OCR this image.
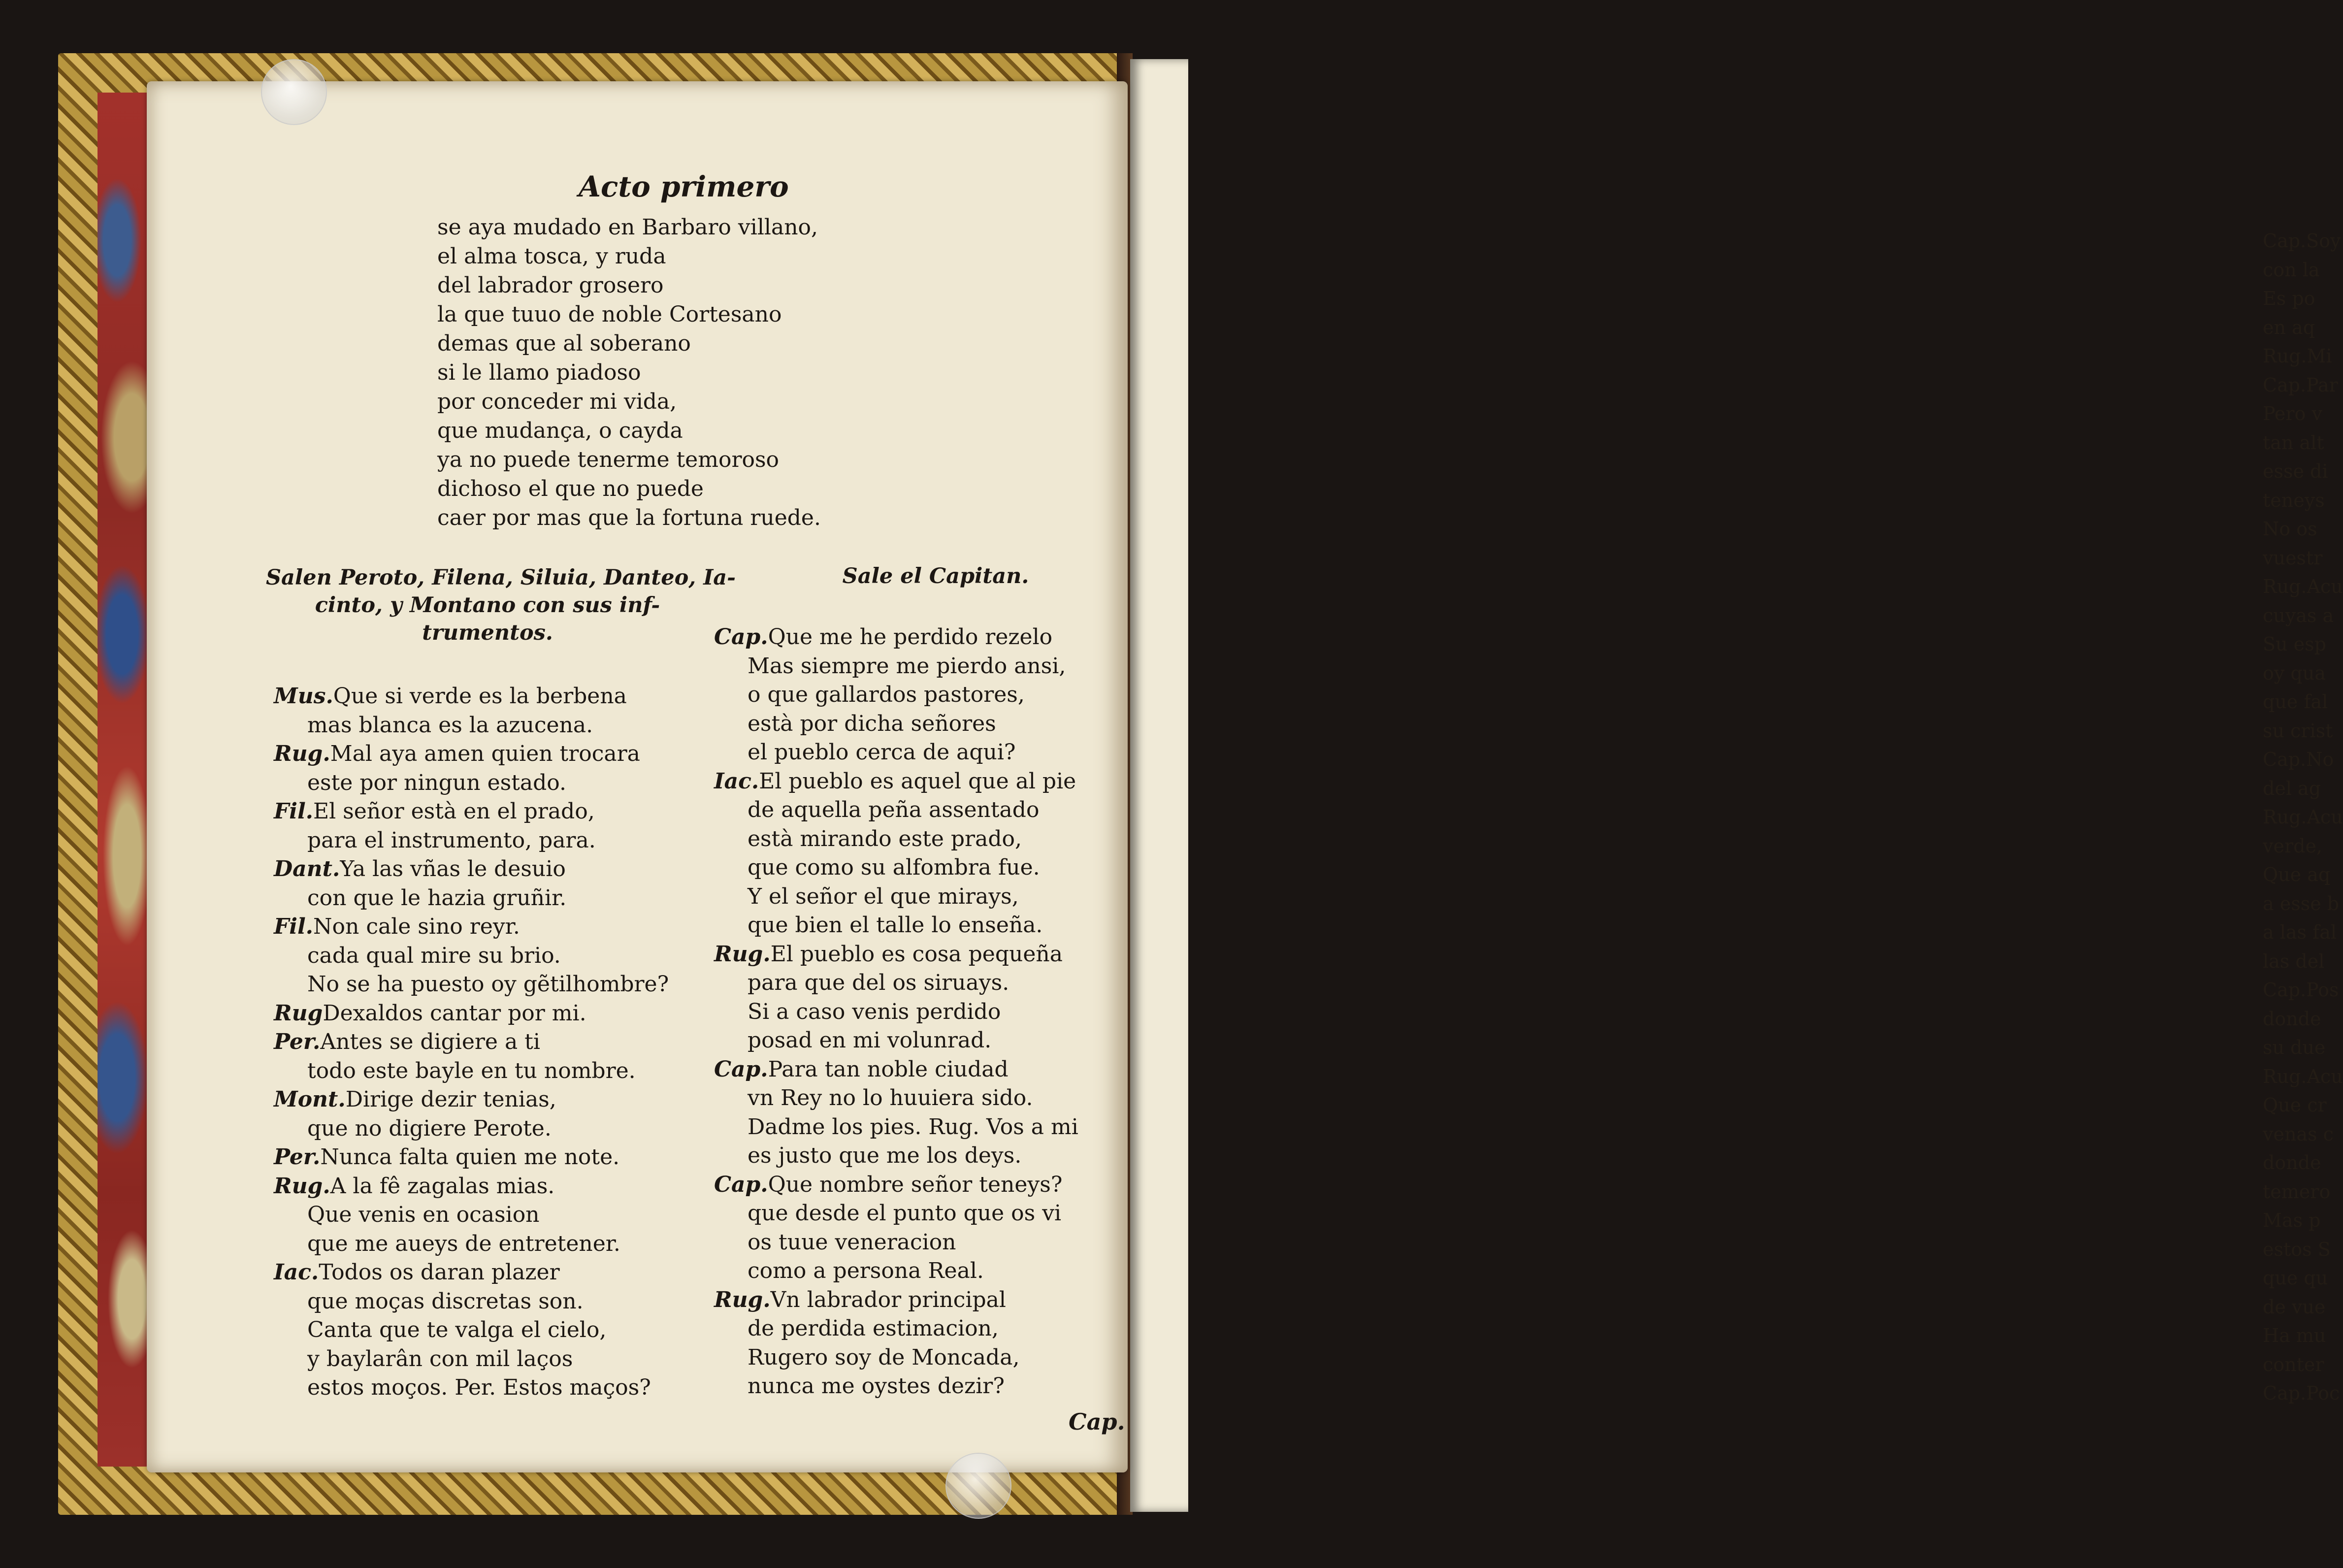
Cap.Soy
con la
Es po
en aq
Rug.Mi
Cap.Par
Pero v
tan alt
esse di
teneys
No os
vuestr
Rug.Acu
cuyas a
Su esp
oy qua
que fal
su crist
Cap.No
del ag
Rug.Acu
verde,
Que aq
a esse b
a las fal
las del
Cap.Pos
donde
su due
Rug.Acu
Que cr
venas c
donde
temero
Mas p
estos S
que qu
de vue
Ha mu
conter
Cap.Poc
Acto primero
se aya mudado en Barbaro villano,
el alma tosca, y ruda
del labrador grosero
la que tuuo de noble Cortesano
demas que al soberano
si le llamo piadoso
por conceder mi vida,
que mudança, o cayda
ya no puede tenerme temoroso
dichoso el que no puede
caer por mas que la fortuna ruede.
Salen Peroto, Filena, Siluia, Danteo, Ia-
cinto, y Montano con sus inf-
trumentos.
Sale el Capitan.
Mus.Que si verde es la berbena
mas blanca es la azucena.
Rug.Mal aya amen quien trocara
este por ningun estado.
Fil.El señor està en el prado,
para el instrumento, para.
Dant.Ya las vñas le desuio
con que le hazia gruñir.
Fil.Non cale sino reyr.
cada qual mire su brio.
No se ha puesto oy gẽtilhombre?
RugDexaldos cantar por mi.
Per.Antes se digiere a ti
todo este bayle en tu nombre.
Mont.Dirige dezir tenias,
que no digiere Perote.
Per.Nunca falta quien me note.
Rug.A la fê zagalas mias.
Que venis en ocasion
que me aueys de entretener.
Iac.Todos os daran plazer
que moças discretas son.
Canta que te valga el cielo,
y baylarân con mil laços
estos moços. Per. Estos maços?
Cap.Que me he perdido rezelo
Mas siempre me pierdo ansi,
o que gallardos pastores,
està por dicha señores
el pueblo cerca de aqui?
Iac.El pueblo es aquel que al pie
de aquella peña assentado
està mirando este prado,
que como su alfombra fue.
Y el señor el que mirays,
que bien el talle lo enseña.
Rug.El pueblo es cosa pequeña
para que del os siruays.
Si a caso venis perdido
posad en mi volunrad.
Cap.Para tan noble ciudad
vn Rey no lo huuiera sido.
Dadme los pies. Rug. Vos a mi
es justo que me los deys.
Cap.Que nombre señor teneys?
que desde el punto que os vi
os tuue veneracion
como a persona Real.
Rug.Vn labrador principal
de perdida estimacion,
Rugero soy de Moncada,
nunca me oystes dezir?
Cap.
